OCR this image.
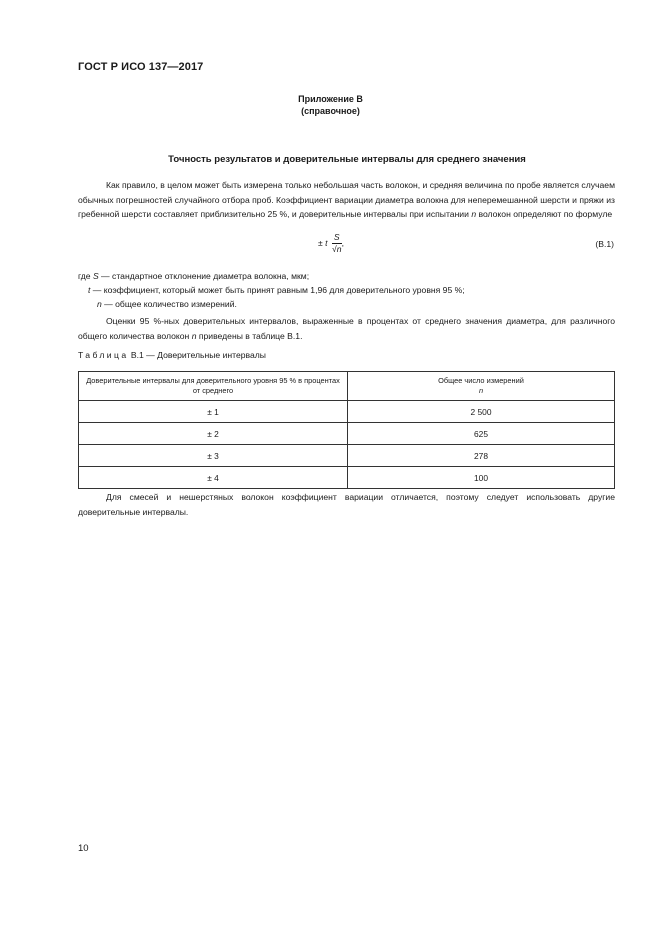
ГОСТ Р ИСО 137—2017
Приложение В
(справочное)
Точность результатов и доверительные интервалы для среднего значения
Как правило, в целом может быть измерена только небольшая часть волокон, и средняя величина по пробе является случаем обычных погрешностей случайного отбора проб. Коэффициент вариации диаметра волокна для неперемешанной шерсти и пряжи из гребенной шерсти составляет приблизительно 25 %, и доверительные интервалы при испытании n волокон определяют по формуле
± t $\frac{S}{√n}$ ,	(В.1)
где S — стандартное отклонение диаметра волокна, мкм;
t — коэффициент, который может быть принят равным 1,96 для доверительного уровня 95 %;
n — общее количество измерений.
Оценки 95 %-ных доверительных интервалов, выраженные в процентах от среднего значения диаметра, для различного общего количества волокон n приведены в таблице В.1.
Таблица В.1 — Доверительные интервалы
Доверительные интервалы для доверительного уровня 95 % в процентах от среднего	Общее число измерений
n
± 1	2 500
± 2	625
± 3	278
± 4	100
Для смесей и нешерстяных волокон коэффициент вариации отличается, поэтому следует использовать другие доверительные интервалы.
10
